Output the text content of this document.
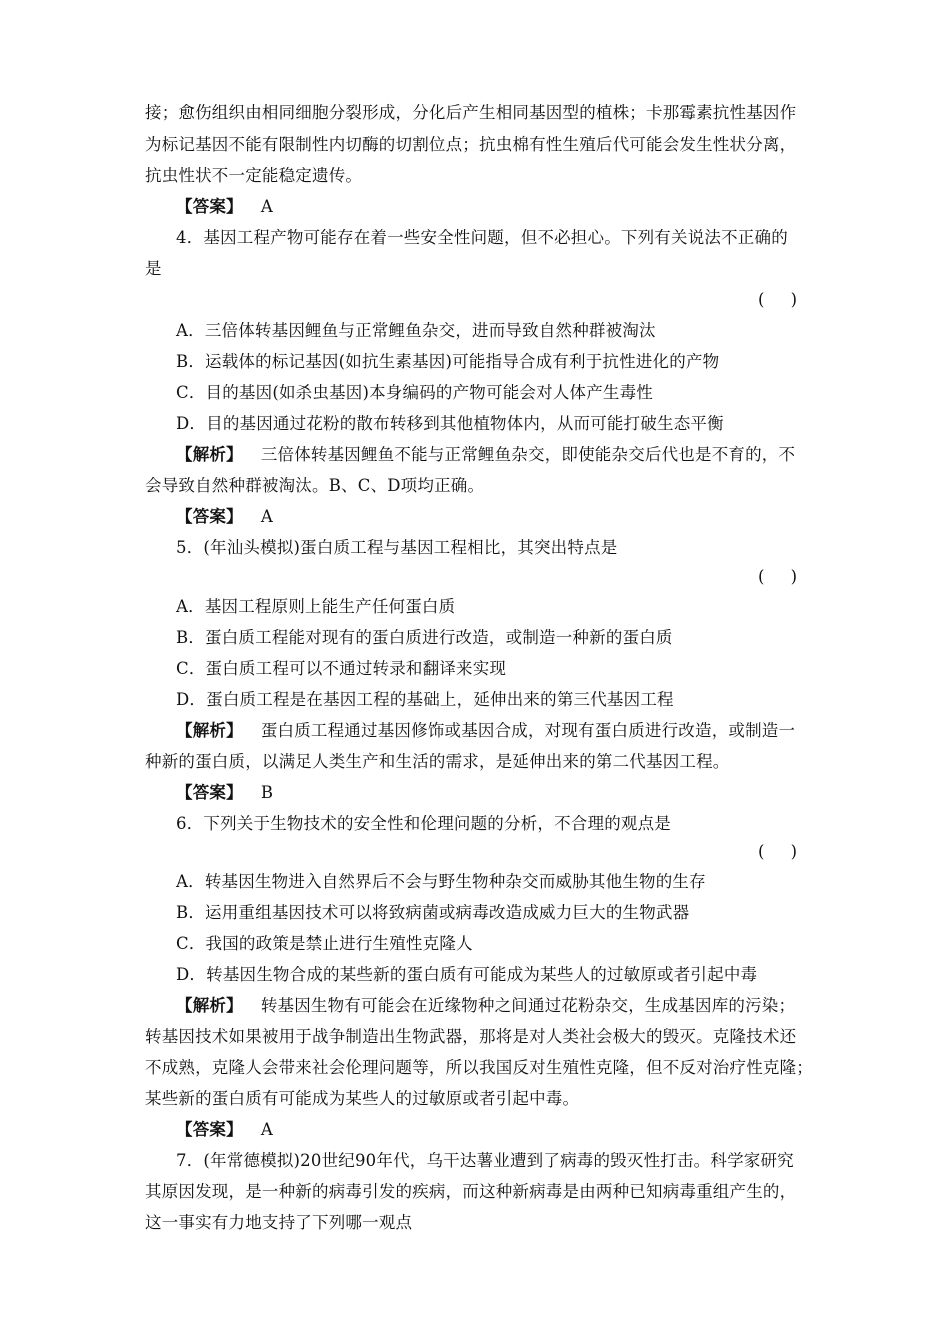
接；愈伤组织由相同细胞分裂形成，分化后产生相同基因型的植株；卡那霉素抗性基因作
为标记基因不能有限制性内切酶的切割位点；抗虫棉有性生殖后代可能会发生性状分离，
抗虫性状不一定能稳定遗传。
【答案】 A
4．基因工程产物可能存在着一些安全性问题，但不必担心。下列有关说法不正确的
是
(     )
A．三倍体转基因鲤鱼与正常鲤鱼杂交，进而导致自然种群被淘汰
B．运载体的标记基因(如抗生素基因)可能指导合成有利于抗性进化的产物
C．目的基因(如杀虫基因)本身编码的产物可能会对人体产生毒性
D．目的基因通过花粉的散布转移到其他植物体内，从而可能打破生态平衡
【解析】 三倍体转基因鲤鱼不能与正常鲤鱼杂交，即使能杂交后代也是不育的，不
会导致自然种群被淘汰。B、C、D项均正确。
【答案】 A
5．(年汕头模拟)蛋白质工程与基因工程相比，其突出特点是
(     )
A．基因工程原则上能生产任何蛋白质
B．蛋白质工程能对现有的蛋白质进行改造，或制造一种新的蛋白质
C．蛋白质工程可以不通过转录和翻译来实现
D．蛋白质工程是在基因工程的基础上，延伸出来的第三代基因工程
【解析】 蛋白质工程通过基因修饰或基因合成，对现有蛋白质进行改造，或制造一
种新的蛋白质，以满足人类生产和生活的需求，是延伸出来的第二代基因工程。
【答案】 B
6．下列关于生物技术的安全性和伦理问题的分析，不合理的观点是
(     )
A．转基因生物进入自然界后不会与野生物种杂交而威胁其他生物的生存
B．运用重组基因技术可以将致病菌或病毒改造成威力巨大的生物武器
C．我国的政策是禁止进行生殖性克隆人
D．转基因生物合成的某些新的蛋白质有可能成为某些人的过敏原或者引起中毒
【解析】 转基因生物有可能会在近缘物种之间通过花粉杂交，生成基因库的污染；
转基因技术如果被用于战争制造出生物武器，那将是对人类社会极大的毁灭。克隆技术还
不成熟，克隆人会带来社会伦理问题等，所以我国反对生殖性克隆，但不反对治疗性克隆；
某些新的蛋白质有可能成为某些人的过敏原或者引起中毒。
【答案】 A
7．(年常德模拟)20世纪90年代，乌干达薯业遭到了病毒的毁灭性打击。科学家研究
其原因发现，是一种新的病毒引发的疾病，而这种新病毒是由两种已知病毒重组产生的，
这一事实有力地支持了下列哪一观点
